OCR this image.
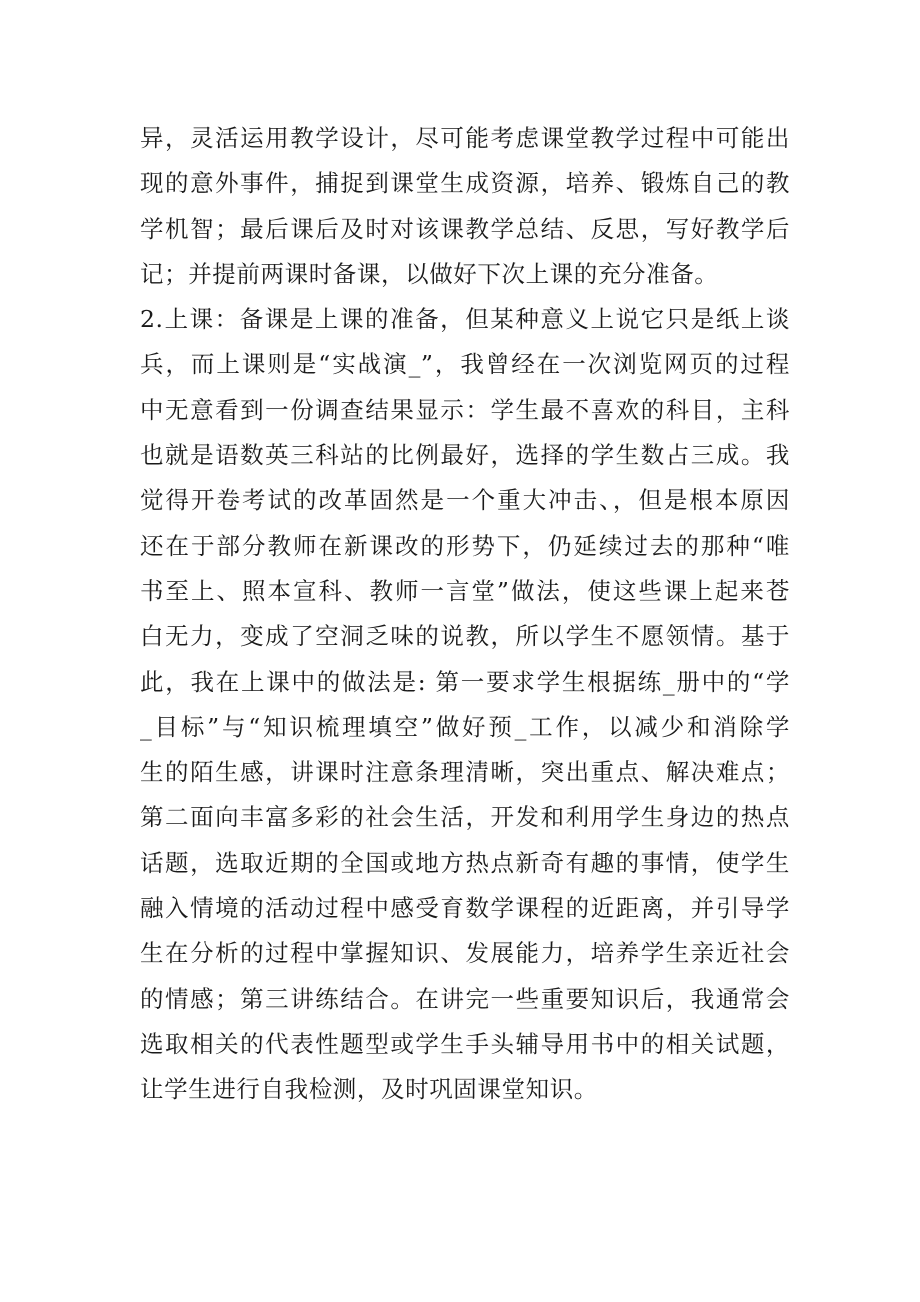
异，灵活运用教学设计，尽可能考虑课堂教学过程中可能出
现的意外事件，捕捉到课堂生成资源，培养、锻炼自己的教
学机智；最后课后及时对该课教学总结、反思，写好教学后
记；并提前两课时备课，以做好下次上课的充分准备。
2.上课：备课是上课的准备，但某种意义上说它只是纸上谈
兵，而上课则是“实战演_”，我曾经在一次浏览网页的过程
中无意看到一份调查结果显示：学生最不喜欢的科目，主科
也就是语数英三科站的比例最好，选择的学生数占三成。我
觉得开卷考试的改革固然是一个重大冲击、，但是根本原因
还在于部分教师在新课改的形势下，仍延续过去的那种“唯
书至上、照本宣科、教师一言堂”做法，使这些课上起来苍
白无力，变成了空洞乏味的说教，所以学生不愿领情。基于
此，我在上课中的做法是: 第一要求学生根据练_册中的“学
_目标”与“知识梳理填空”做好预_工作，以减少和消除学
生的陌生感，讲课时注意条理清晰，突出重点、解决难点；
第二面向丰富多彩的社会生活，开发和利用学生身边的热点
话题，选取近期的全国或地方热点新奇有趣的事情，使学生
融入情境的活动过程中感受育数学课程的近距离，并引导学
生在分析的过程中掌握知识、发展能力，培养学生亲近社会
的情感；第三讲练结合。在讲完一些重要知识后，我通常会
选取相关的代表性题型或学生手头辅导用书中的相关试题，
让学生进行自我检测，及时巩固课堂知识。
